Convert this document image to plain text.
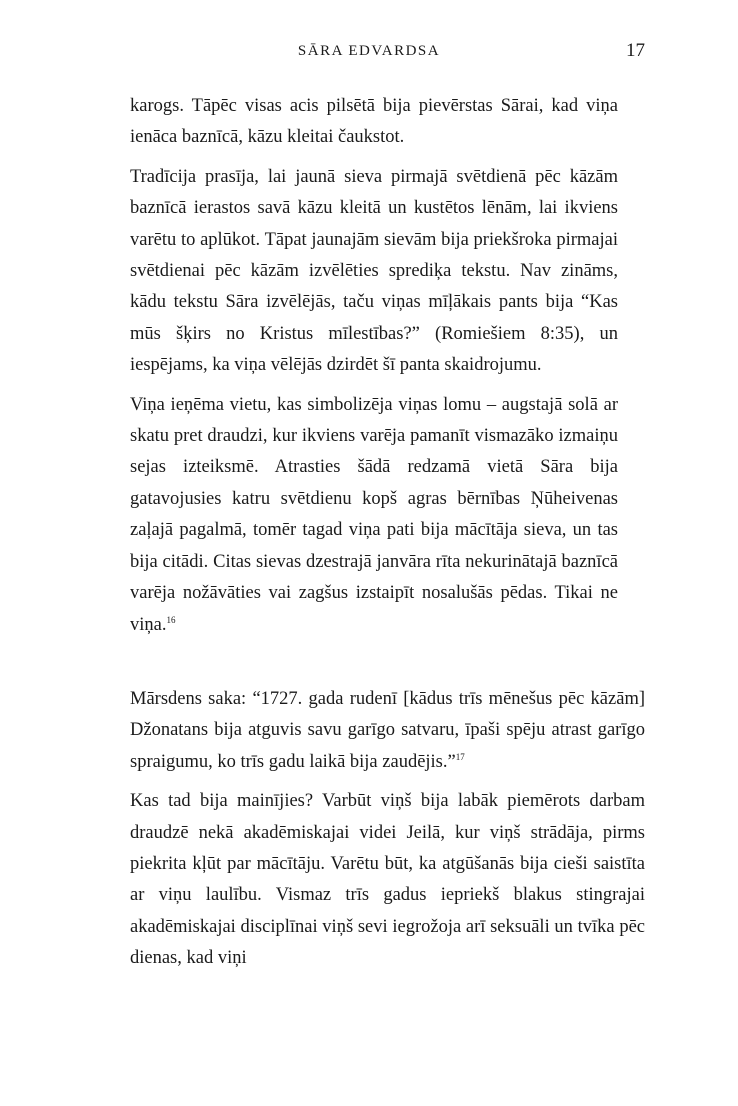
SĀRA EDVARDSA	17

karogs. Tāpēc visas acis pilsētā bija pievērstas Sārai, kad viņa ienāca baznīcā, kāzu kleitai čaukstot.

Tradīcija prasīja, lai jaunā sieva pirmajā svētdienā pēc kāzām baznīcā ierastos savā kāzu kleitā un kustētos lēnām, lai ikviens varētu to aplūkot. Tāpat jaunajām sievām bija priekšroka pirmajai svētdienai pēc kāzām izvēlēties sprediķa tekstu. Nav zināms, kādu tekstu Sāra izvēlējās, taču viņas mīļākais pants bija “Kas mūs šķirs no Kristus mīlestības?” (Romiešiem 8:35), un iespējams, ka viņa vēlējās dzirdēt šī panta skaidrojumu.

Viņa ieņēma vietu, kas simbolizēja viņas lomu – augstajā solā ar skatu pret draudzi, kur ikviens varēja pamanīt vismazāko izmaiņu sejas izteiksmē. Atrasties šādā redzamā vietā Sāra bija gatavojusies katru svētdienu kopš agras bērnības Ņūheivenas zaļajā pagalmā, tomēr tagad viņa pati bija mācītāja sieva, un tas bija citādi. Citas sievas dzestrajā janvāra rīta nekurinātajā baznīcā varēja nožāvāties vai zagšus izstaipīt nosalušās pēdas. Tikai ne viņa.$^{16}$

Mārsdens saka: “1727. gada rudenī [kādus trīs mēnešus pēc kāzām] Džonatans bija atguvis savu garīgo satvaru, īpaši spēju atrast garīgo spraigumu, ko trīs gadu laikā bija zaudējis.”$^{17}$

Kas tad bija mainījies? Varbūt viņš bija labāk piemērots darbam draudzē nekā akadēmiskajai videi Jeilā, kur viņš strādāja, pirms piekrita kļūt par mācītāju. Varētu būt, ka atgūšanās bija cieši saistīta ar viņu laulību. Vismaz trīs gadus iepriekš blakus stingrajai akadēmiskajai disciplīnai viņš sevi iegrožoja arī seksuāli un tvīka pēc dienas, kad viņi
